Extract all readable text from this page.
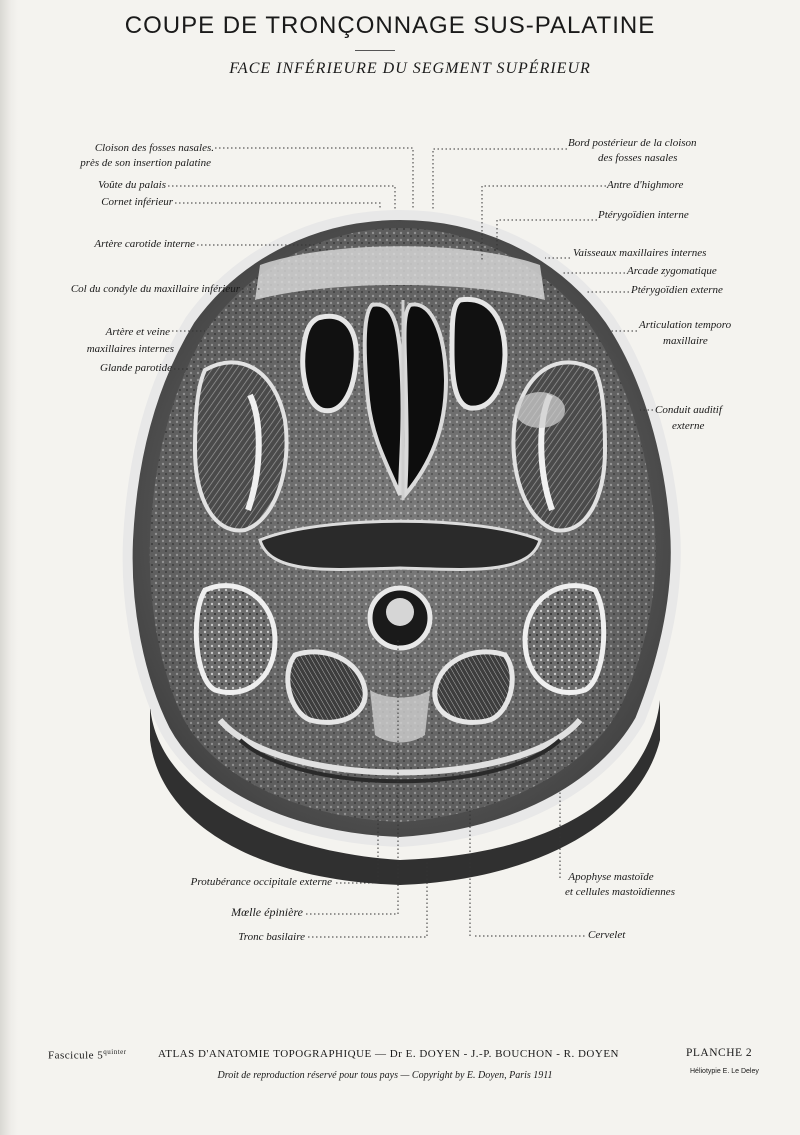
COUPE DE TRONÇONNAGE SUS-PALATINE
FACE INFÉRIEURE DU SEGMENT SUPÉRIEUR
Cloison des fosses nasales.
près de son insertion palatine
Voûte du palais
Cornet inférieur
Artère carotide interne
Col du condyle du maxillaire inférieur
Artère et veine
maxillaires internes
Glande parotide
Bord postérieur de la cloison
des fosses nasales
Antre d'highmore
Ptérygoïdien interne
Vaisseaux maxillaires internes
Arcade zygomatique
Ptérygoïdien externe
Articulation temporo
maxillaire
Conduit auditif
externe
Protubérance occipitale externe
Mœlle épinière
Tronc basilaire
Apophyse mastoïde
et cellules mastoïdiennes
Cervelet
Fascicule $5^{quinter}$	ATLAS D'ANATOMIE TOPOGRAPHIQUE — Dr E. DOYEN - J.-P. BOUCHON - R. DOYEN	PLANCHE 2
Droit de reproduction réservé pour tous pays — Copyright by E. Doyen, Paris 1911	Héliotypie E. Le Deley
